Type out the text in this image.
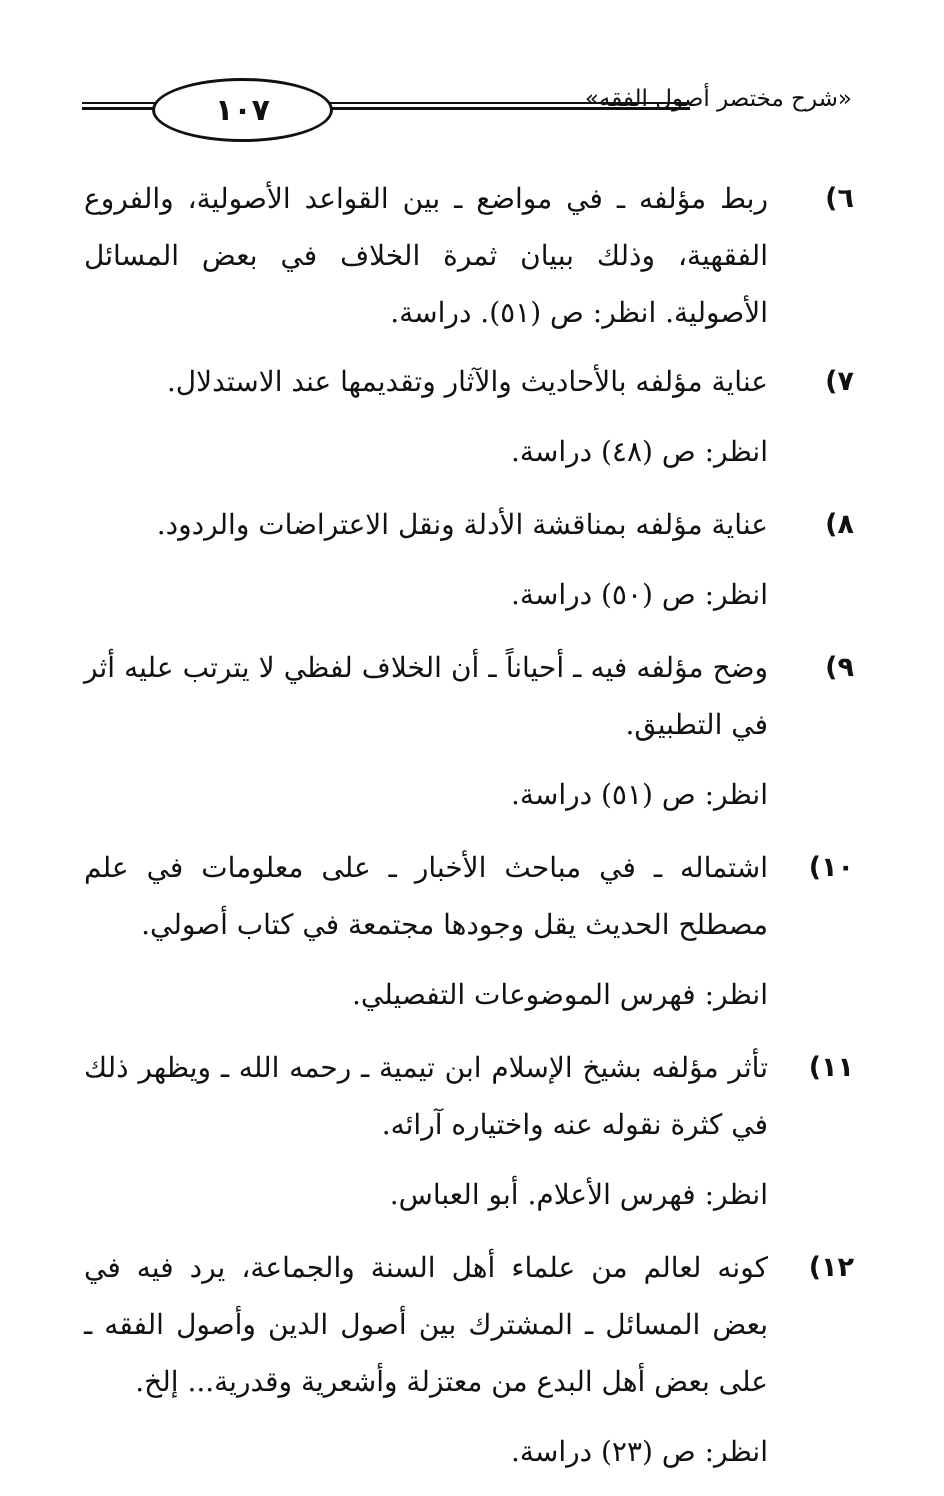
١٠٧	«شرح مختصر أصول الفقه»
٦)
ربط مؤلفه ـ في مواضع ـ بين القواعد الأصولية، والفروع الفقهية، وذلك ببيان ثمرة الخلاف في بعض المسائل الأصولية. انظر: ص (٥١). دراسة.
٧)
عناية مؤلفه بالأحاديث والآثار وتقديمها عند الاستدلال.
انظر: ص (٤٨) دراسة.
٨)
عناية مؤلفه بمناقشة الأدلة ونقل الاعتراضات والردود.
انظر: ص (٥٠) دراسة.
٩)
وضح مؤلفه فيه ـ أحياناً ـ أن الخلاف لفظي لا يترتب عليه أثر في التطبيق.
انظر: ص (٥١) دراسة.
١٠)
اشتماله ـ في مباحث الأخبار ـ على معلومات في علم مصطلح الحديث يقل وجودها مجتمعة في كتاب أصولي.
انظر: فهرس الموضوعات التفصيلي.
١١)
تأثر مؤلفه بشيخ الإسلام ابن تيمية ـ رحمه الله ـ ويظهر ذلك في كثرة نقوله عنه واختياره آرائه.
انظر: فهرس الأعلام. أبو العباس.
١٢)
كونه لعالم من علماء أهل السنة والجماعة، يرد فيه في بعض المسائل ـ المشترك بين أصول الدين وأصول الفقه ـ على بعض أهل البدع من معتزلة وأشعرية وقدرية... إلخ.
انظر: ص (٢٣) دراسة.
